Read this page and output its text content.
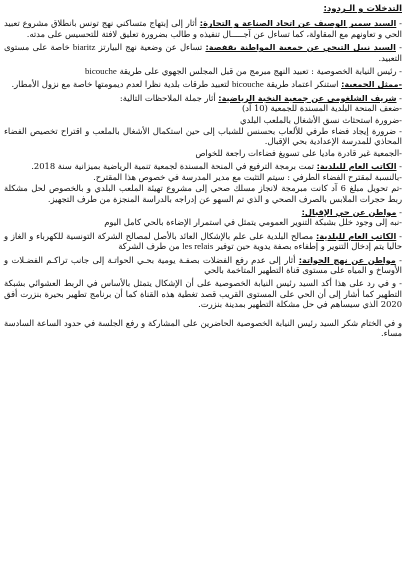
التدخلات و الـردود:

- السيد سمير الوصيف عن اتحاد الصناعة و التجارة: أثار إلى إبتهاج متساكني نهج تونس بانطلاق مشروع تعبيد الحي و تعاونهم مع المقاولة، كما تساءل عن آجـــــال تنفيذه و طالب بضرورة تعليق لافتة للتحسيس على مدته.

- السيد نبيل التيجي عن جمعية المواطنة بقفصة: تساءل عن وضعية نهج البيارتز biaritz خاصة على مستوى التعبيد.

- رئيس النيابة الخصوصية : تعبيد النهج مبرمج من قبل المجلس الجهوي على طريقة bicouche

-ممثل الجمعية: استنكر اعتماد طريقة bicouche لتعبيد طرقات بلدية نظرا لعدم ديمومتها خاصة مع نزول الأمطار.

- شريف الشلغومي عن جمعية النخبة الرياضية: أثار جملة الملاحظات التالية:
-ضعف المنحة البلدية المسندة للجمعية (10 آد)
-ضرورة استحثاث نسق الأشغال بالملعب البلدي
- ضرورة إيجاد فضاء طرفي للألعاب بحسنس للشباب إلى حين استكمال الأشغال بالملعب و اقتراح تخصيص الفضاء المحاذي للمدرسة الإعدادية بحي الإقبال.
-الجمعية غير قادرة ماديا على تسويغ فضاءات راجعة للخواص
- الكاتب العام للبلدية: تمت برمجة الترفيع في المنحة المسندة لجمعية تنمية الرياضية بميزانية سنة 2018.
-بالنسبة لمقترح الفضاء الطرفي : سيتم التثبت مع مدير المدرسة في خصوص هذا المقترح.
-تم تحويل مبلغ 6 آد كانت مبرمجة لانجاز مسلك صحي إلى مشروع تهيئة الملعب البلدي و بالخصوص لحل مشكلة ربط حجرات الملابس بالصرف الصحي و الذي تم السهو عن إدراجه بالدراسة المنجزة من طرف التجهيز.
- مواطن عن حي الإقبال:
-نبه إلى وجود خلل بشبكة التنوير العمومي يتمثل في استمرار الإضاءة بالحي كامل اليوم

- الكاتب العام للبلدية: مصالح البلدية على علم بالإشكال العائد بالأصل لمصالح الشركة التونسية للكهرباء و الغاز و حاليا يتم إدخال التنوير و إطفاءه بصفة يدوية حين توفير les relais من طرف الشركة

- مواطن عن نهج الحواتة: أثار إلى عدم رفع الفضلات بصفـة يومية بحـي الحواتـة إلى جانب تراكـم الفضـلات و الأوساخ و المياه على مستوى قناة التطهير المتاخمة بالحي

- و في رد على هذا أكد السيد رئيس النيابة الخصوصية على أن الإشكال يتمثل بالأساس في الربط العشوائي بشبكة التطهير كما أشار إلى أن الحي على المستوى القريب قصد تغطية هذه القناة كما أن برنامج تطهير بحيرة بنزرت أفق 2020 الذي سيساهم في حل مشكلة التطهير بمدينة بنزرت.

و في الختام شكر السيد رئيس النيابة الخصوصية الحاضرين على المشاركة و رفع الجلسة في حدود الساعة السادسة مساء.
